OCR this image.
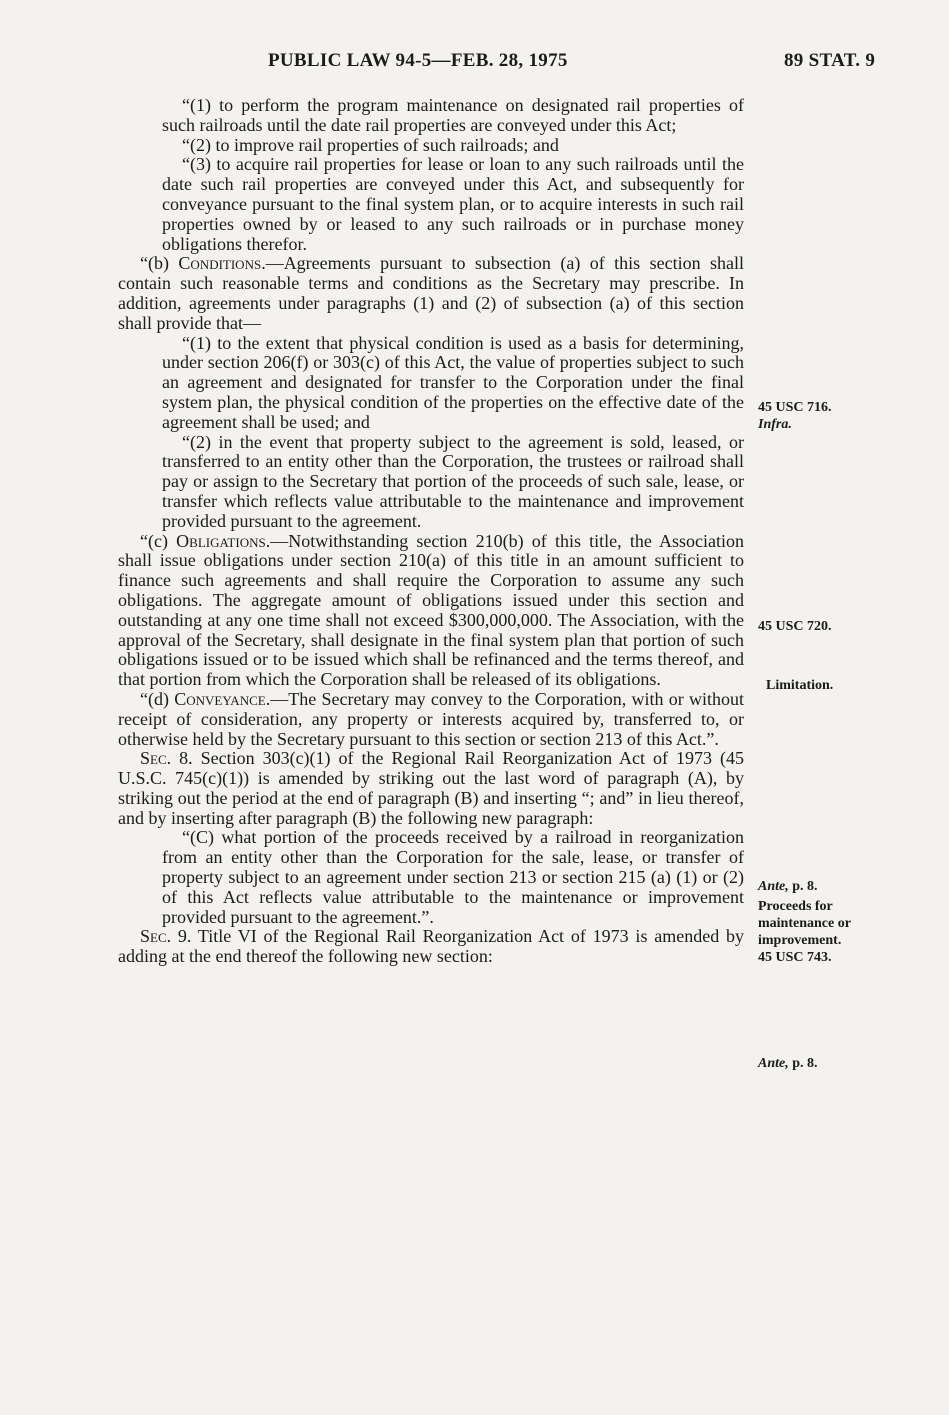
PUBLIC LAW 94-5—FEB. 28, 1975	89 STAT. 9

“(1) to perform the program maintenance on designated rail properties of such railroads until the date rail properties are conveyed under this Act;

“(2) to improve rail properties of such railroads; and

“(3) to acquire rail properties for lease or loan to any such railroads until the date such rail properties are conveyed under this Act, and subsequently for conveyance pursuant to the final system plan, or to acquire interests in such rail properties owned by or leased to any such railroads or in purchase money obligations therefor.

“(b) Conditions.—Agreements pursuant to subsection (a) of this section shall contain such reasonable terms and conditions as the Secretary may prescribe. In addition, agreements under paragraphs (1) and (2) of subsection (a) of this section shall provide that—

“(1) to the extent that physical condition is used as a basis for determining, under section 206(f) or 303(c) of this Act, the value of properties subject to such an agreement and designated for transfer to the Corporation under the final system plan, the physical condition of the properties on the effective date of the agreement shall be used; and

“(2) in the event that property subject to the agreement is sold, leased, or transferred to an entity other than the Corporation, the trustees or railroad shall pay or assign to the Secretary that portion of the proceeds of such sale, lease, or transfer which reflects value attributable to the maintenance and improvement provided pursuant to the agreement.

“(c) Obligations.—Notwithstanding section 210(b) of this title, the Association shall issue obligations under section 210(a) of this title in an amount sufficient to finance such agreements and shall require the Corporation to assume any such obligations. The aggregate amount of obligations issued under this section and outstanding at any one time shall not exceed $300,000,000. The Association, with the approval of the Secretary, shall designate in the final system plan that portion of such obligations issued or to be issued which shall be refinanced and the terms thereof, and that portion from which the Corporation shall be released of its obligations.

“(d) Conveyance.—The Secretary may convey to the Corporation, with or without receipt of consideration, any property or interests acquired by, transferred to, or otherwise held by the Secretary pursuant to this section or section 213 of this Act.”.

Sec. 8. Section 303(c)(1) of the Regional Rail Reorganization Act of 1973 (45 U.S.C. 745(c)(1)) is amended by striking out the last word of paragraph (A), by striking out the period at the end of paragraph (B) and inserting “; and” in lieu thereof, and by inserting after paragraph (B) the following new paragraph:

“(C) what portion of the proceeds received by a railroad in reorganization from an entity other than the Corporation for the sale, lease, or transfer of property subject to an agreement under section 213 or section 215 (a) (1) or (2) of this Act reflects value attributable to the maintenance or improvement provided pursuant to the agreement.”.

Sec. 9. Title VI of the Regional Rail Reorganization Act of 1973 is amended by adding at the end thereof the following new section:

45 USC 716.
Infra.
45 USC 720.
Limitation.
Ante, p. 8.
Proceeds for
maintenance or
improvement.
45 USC 743.
Ante, p. 8.
